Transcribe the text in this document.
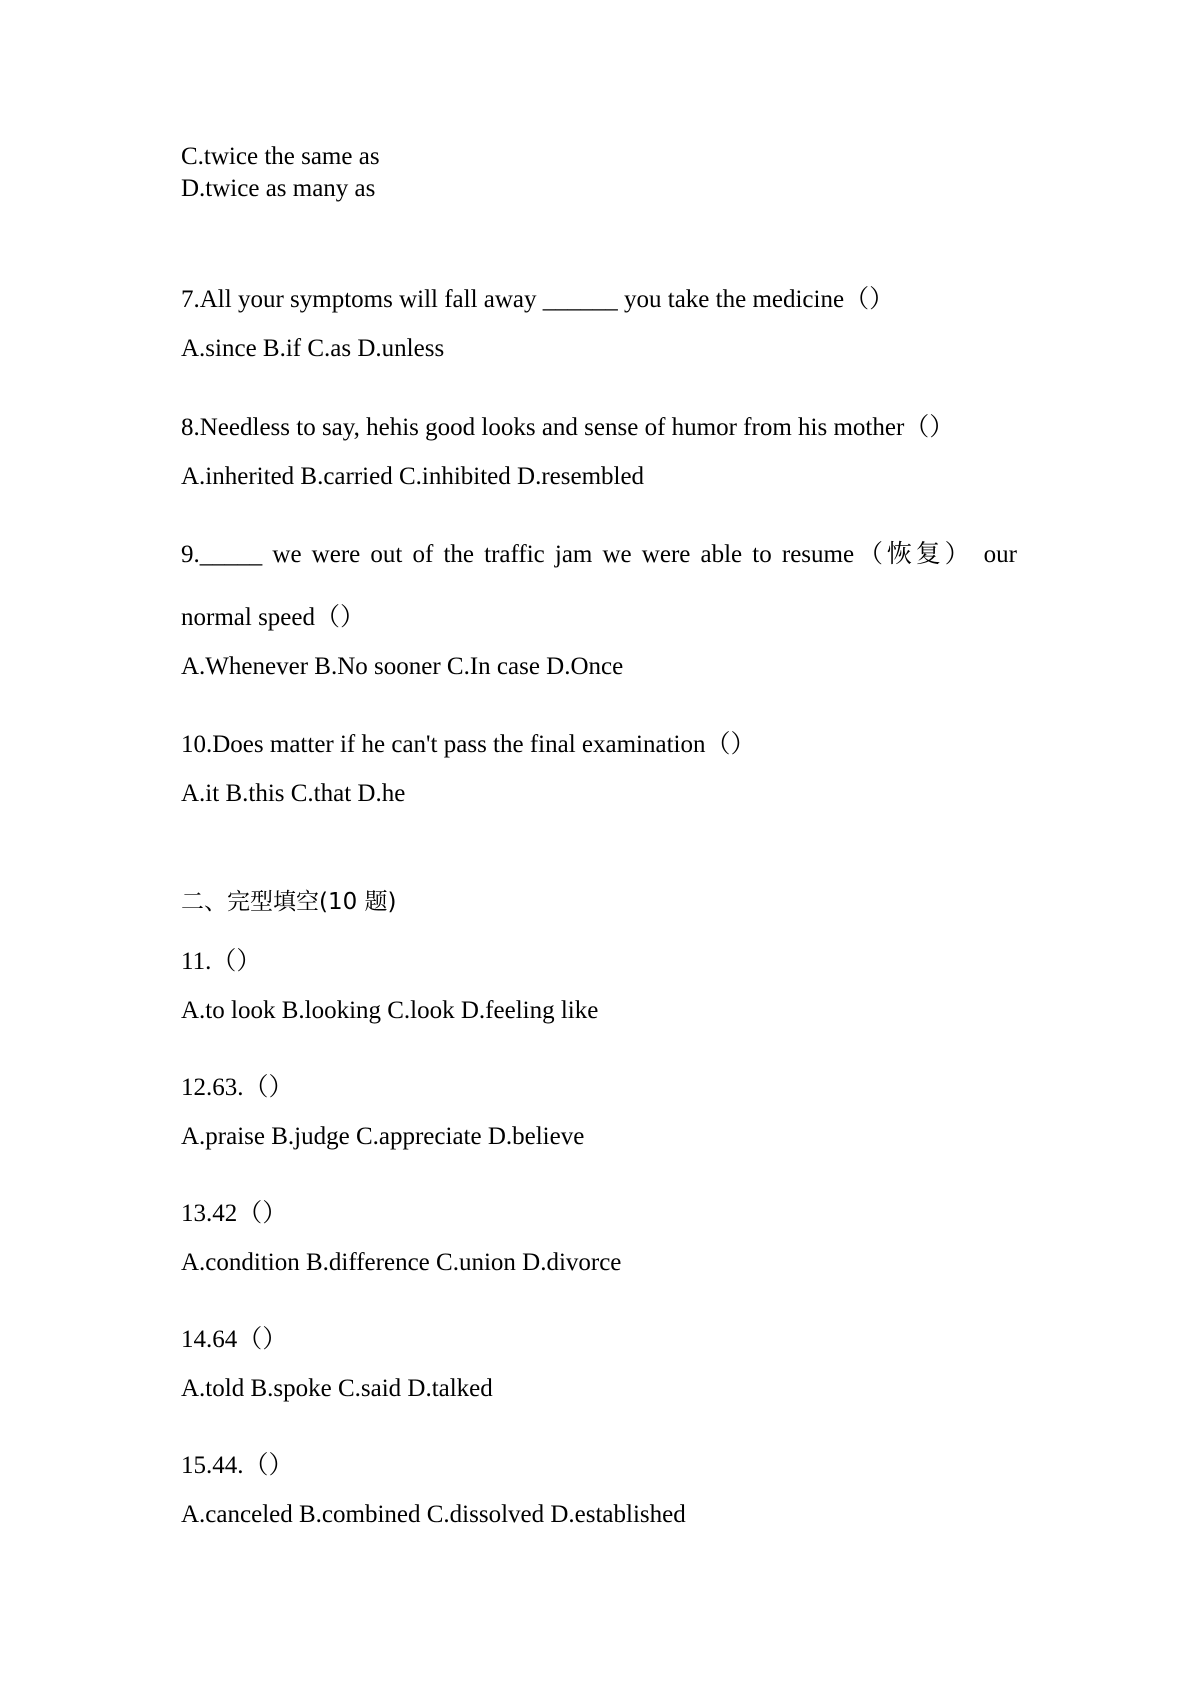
C.twice the same as
D.twice as many as
7.All your symptoms will fall away ______ you take the medicine（）
A.since B.if C.as D.unless
8.Needless to say, hehis good looks and sense of humor from his mother（）
A.inherited B.carried C.inhibited D.resembled
9._____ we were out of the traffic jam we were able to resume（恢复） our
normal speed（）
A.Whenever B.No sooner C.In case D.Once
10.Does matter if he can't pass the final examination（）
A.it B.this C.that D.he
二、完型填空(10 题)
11.（）
A.to look B.looking C.look D.feeling like
12.63.（）
A.praise B.judge C.appreciate D.believe
13.42（）
A.condition B.difference C.union D.divorce
14.64（）
A.told B.spoke C.said D.talked
15.44.（）
A.canceled B.combined C.dissolved D.established
